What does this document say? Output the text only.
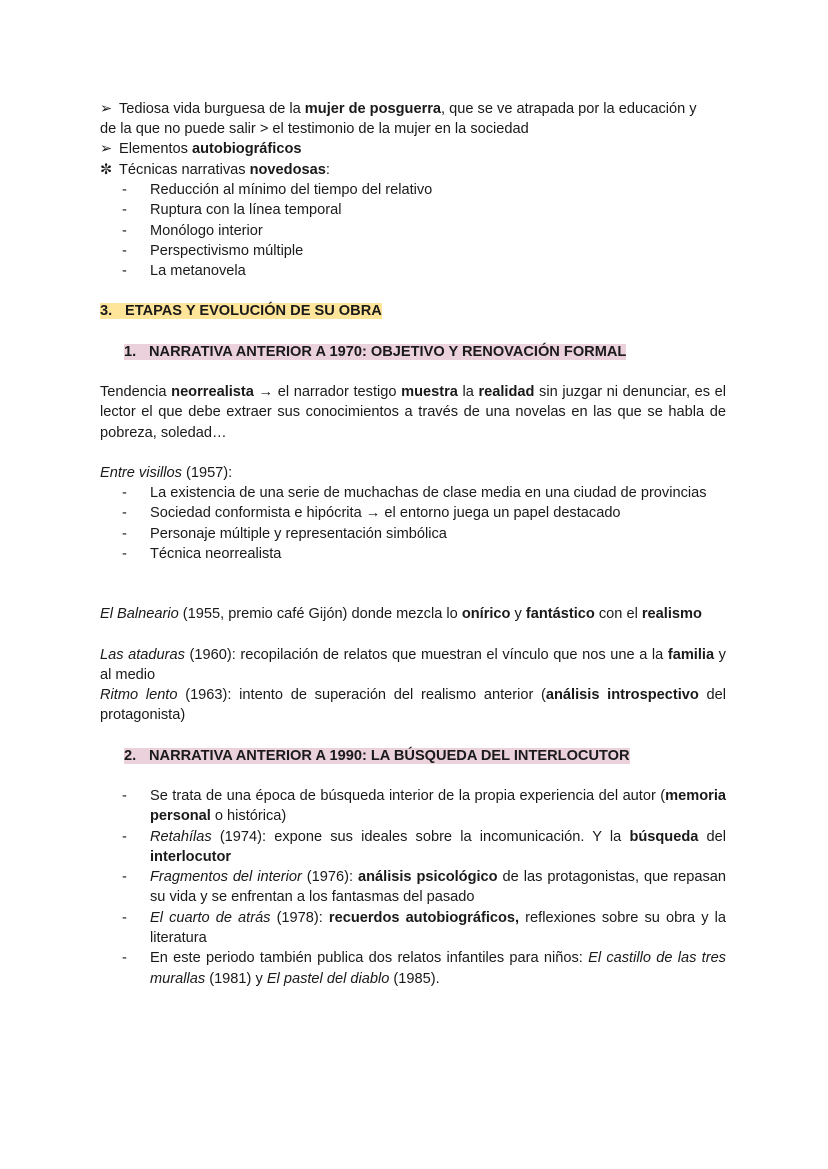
➢ Tediosa vida burguesa de la mujer de posguerra, que se ve atrapada por la educación y

de la que no puede salir > el testimonio de la mujer en la sociedad

➢ Elementos autobiográficos

✼ Técnicas narrativas novedosas:

- Reducción al mínimo del tiempo del relativo
- Ruptura con la línea temporal
- Monólogo interior
- Perspectivismo múltiple
- La metanovela

3. ETAPAS Y EVOLUCIÓN DE SU OBRA

1. NARRATIVA ANTERIOR A 1970: OBJETIVO Y RENOVACIÓN FORMAL

Tendencia neorrealista → el narrador testigo muestra la realidad sin juzgar ni denunciar, es el lector el que debe extraer sus conocimientos a través de una novelas en las que se habla de pobreza, soledad…

Entre visillos (1957):

- La existencia de una serie de muchachas de clase media en una ciudad de provincias
- Sociedad conformista e hipócrita → el entorno juega un papel destacado
- Personaje múltiple y representación simbólica
- Técnica neorrealista

El Balneario (1955, premio café Gijón) donde mezcla lo onírico y fantástico con el realismo

Las ataduras (1960): recopilación de relatos que muestran el vínculo que nos une a la familia y al medio

Ritmo lento (1963): intento de superación del realismo anterior (análisis introspectivo del protagonista)

2. NARRATIVA ANTERIOR A 1990: LA BÚSQUEDA DEL INTERLOCUTOR

- Se trata de una época de búsqueda interior de la propia experiencia del autor (memoria personal o histórica)
- Retahílas (1974): expone sus ideales sobre la incomunicación. Y la búsqueda del interlocutor
- Fragmentos del interior (1976): análisis psicológico de las protagonistas, que repasan su vida y se enfrentan a los fantasmas del pasado
- El cuarto de atrás (1978): recuerdos autobiográficos, reflexiones sobre su obra y la literatura
- En este periodo también publica dos relatos infantiles para niños: El castillo de las tres murallas (1981) y El pastel del diablo (1985).
